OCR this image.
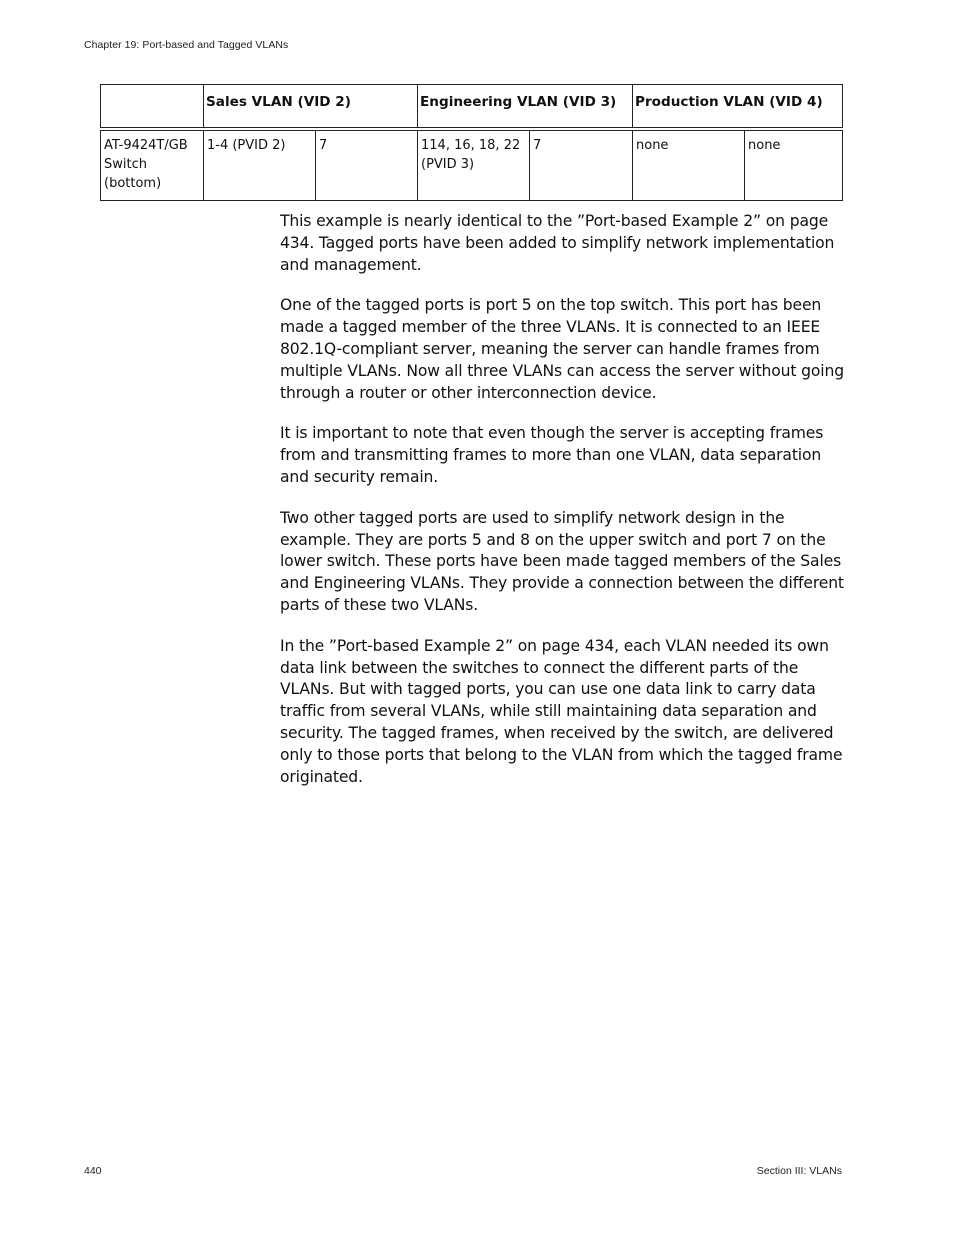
Chapter 19: Port-based and Tagged VLANs
	Sales VLAN (VID 2)		Engineering VLAN (VID 3)		Production VLAN (VID 4)	
AT-9424T/GB Switch (bottom)	1-4 (PVID 2)	7	114, 16, 18, 22 (PVID 3)	7	none	none

This example is nearly identical to the ”Port-based Example 2” on page 434. Tagged ports have been added to simplify network implementation and management.

One of the tagged ports is port 5 on the top switch. This port has been made a tagged member of the three VLANs. It is connected to an IEEE 802.1Q-compliant server, meaning the server can handle frames from multiple VLANs. Now all three VLANs can access the server without going through a router or other interconnection device.

It is important to note that even though the server is accepting frames from and transmitting frames to more than one VLAN, data separation and security remain.

Two other tagged ports are used to simplify network design in the example. They are ports 5 and 8 on the upper switch and port 7 on the lower switch. These ports have been made tagged members of the Sales and Engineering VLANs. They provide a connection between the different parts of these two VLANs.

In the ”Port-based Example 2” on page 434, each VLAN needed its own data link between the switches to connect the different parts of the VLANs. But with tagged ports, you can use one data link to carry data traffic from several VLANs, while still maintaining data separation and security. The tagged frames, when received by the switch, are delivered only to those ports that belong to the VLAN from which the tagged frame originated.

440	Section III: VLANs
